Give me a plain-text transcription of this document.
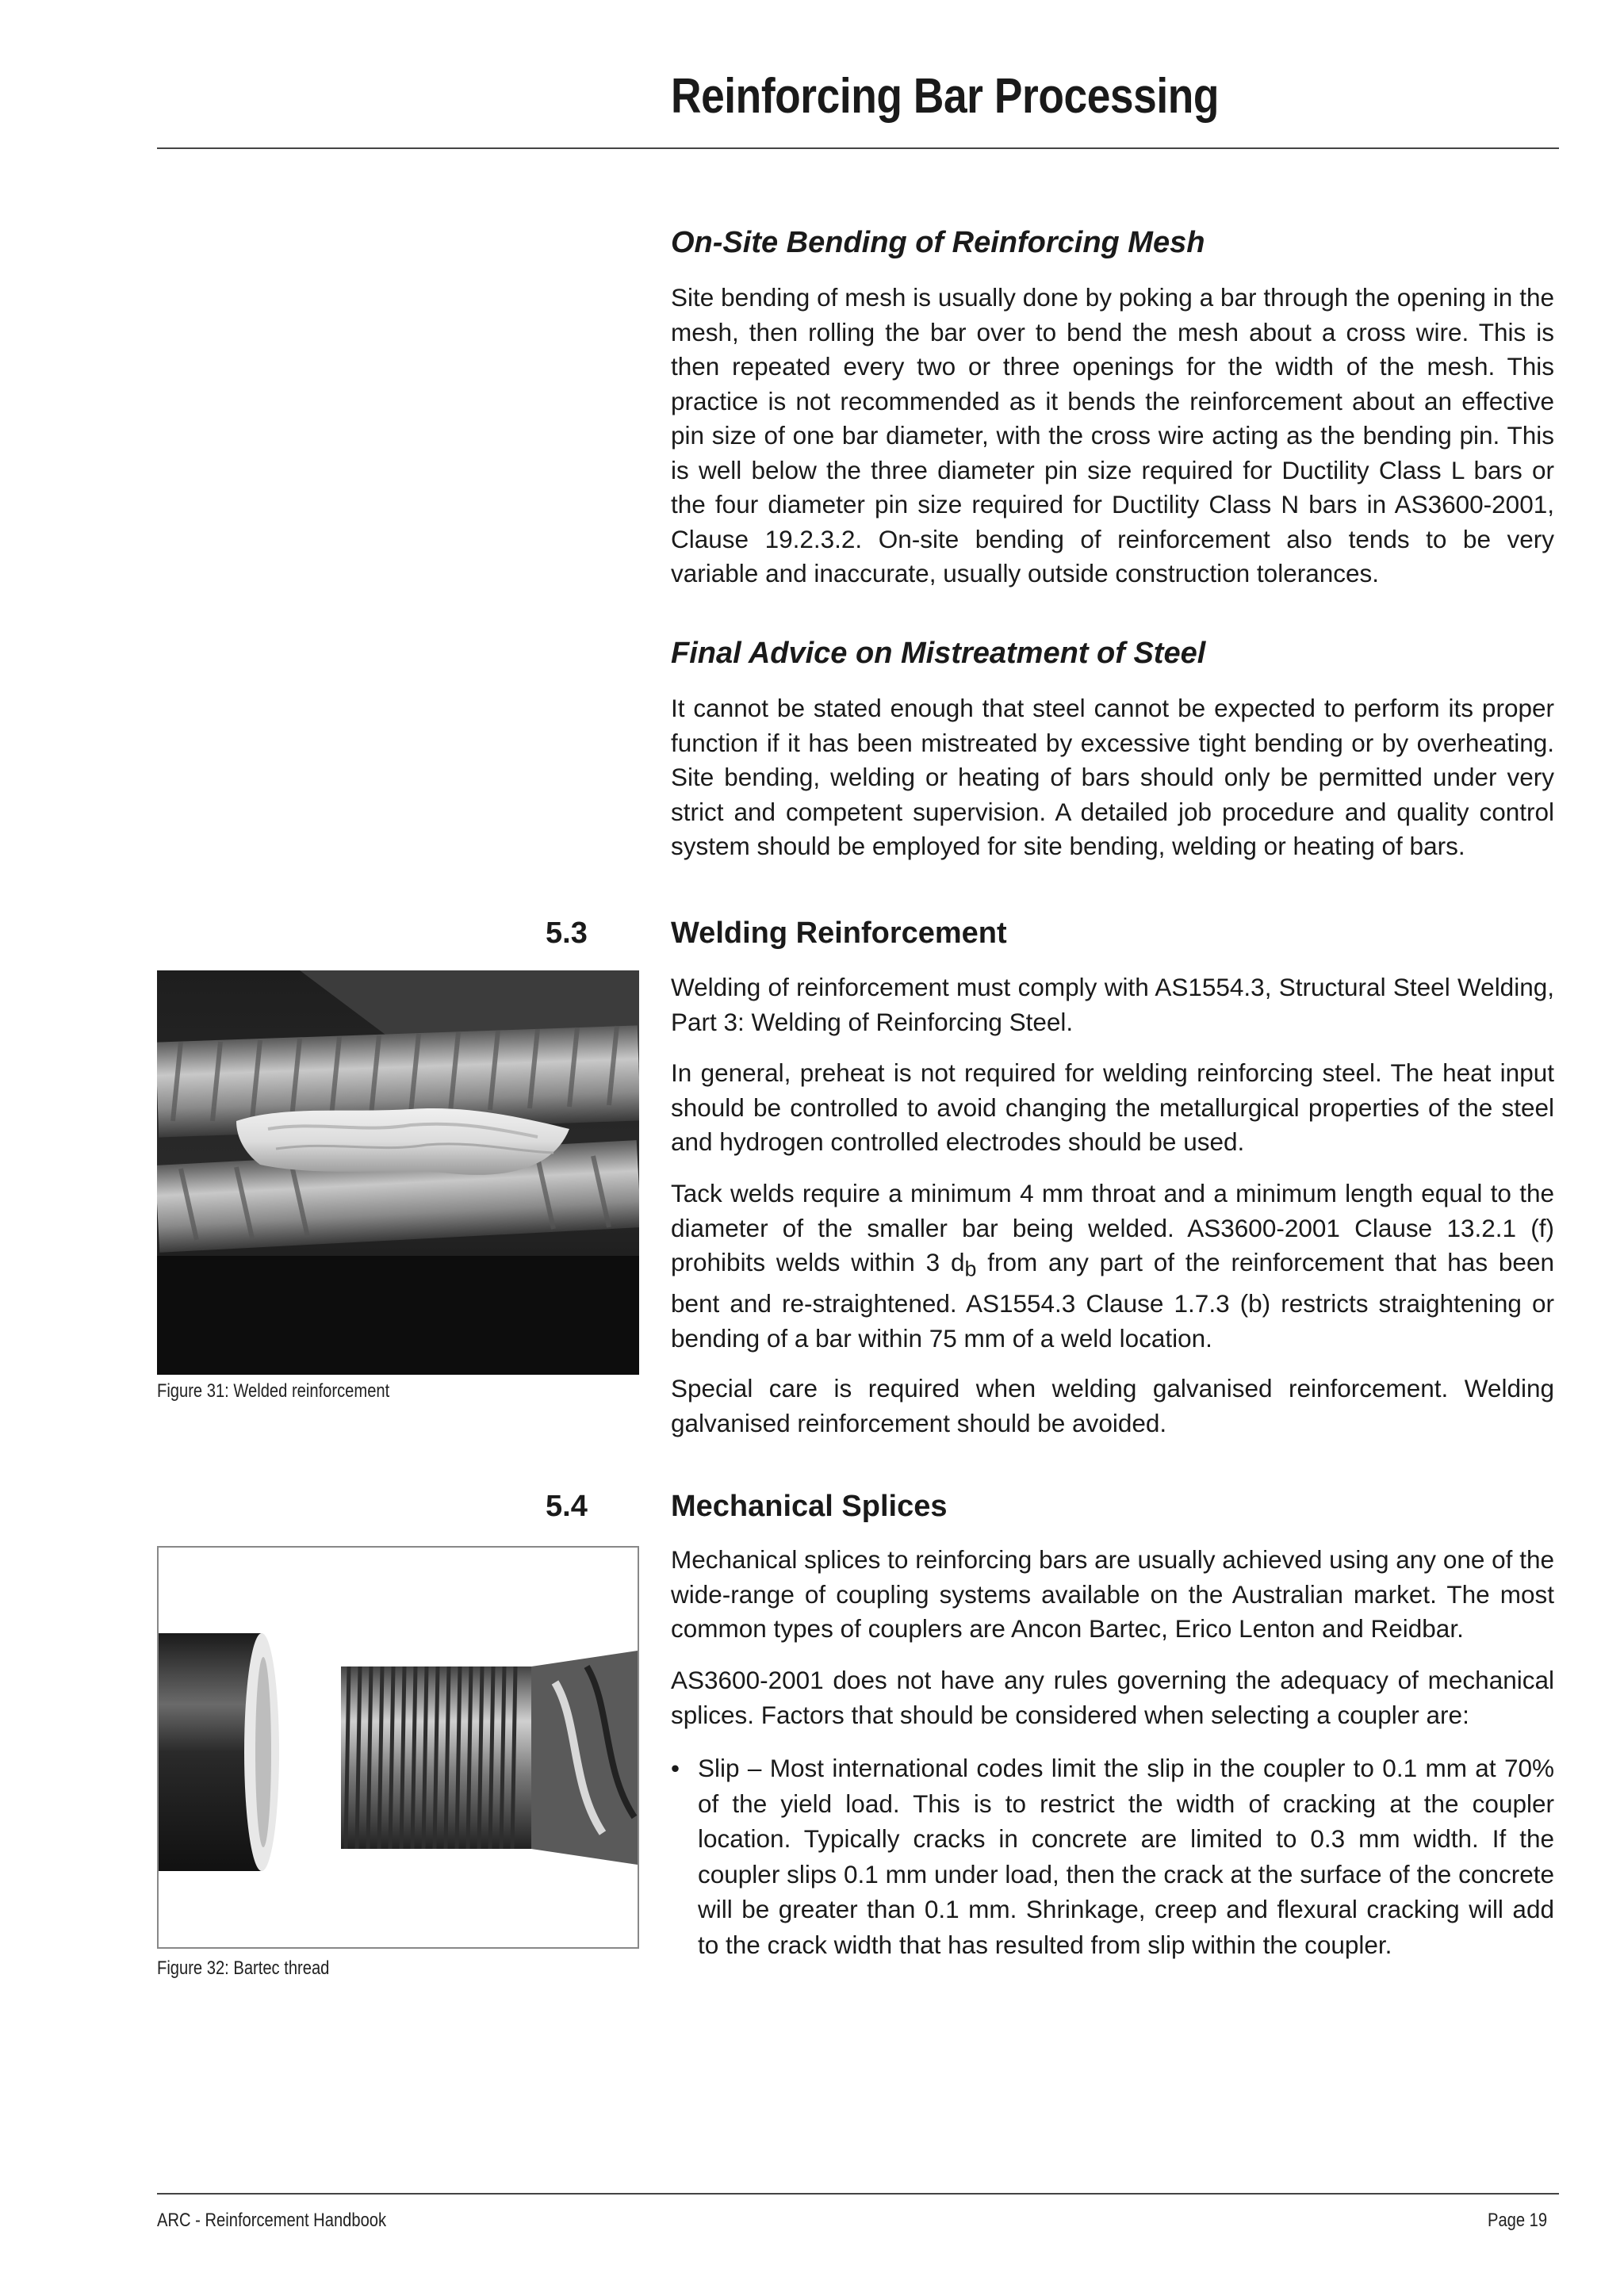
Reinforcing Bar Processing
On-Site Bending of Reinforcing Mesh

Site bending of mesh is usually done by poking a bar through the opening in the mesh, then rolling the bar over to bend the mesh about a cross wire. This is then repeated every two or three openings for the width of the mesh. This practice is not recommended as it bends the reinforcement about an effective pin size of one bar diameter, with the cross wire acting as the bending pin. This is well below the three diameter pin size required for Ductility Class L bars or the four diameter pin size required for Ductility Class N bars in AS3600-2001, Clause 19.2.3.2. On-site bending of reinforcement also tends to be very variable and inaccurate, usually outside construction tolerances.

Final Advice on Mistreatment of Steel

It cannot be stated enough that steel cannot be expected to perform its proper function if it has been mistreated by excessive tight bending or by overheating. Site bending, welding or heating of bars should only be permitted under very strict and competent supervision. A detailed job procedure and quality control system should be employed for site bending, welding or heating of bars.

5.3	Welding Reinforcement
Figure 31: Welded reinforcement

Welding of reinforcement must comply with AS1554.3, Structural Steel Welding, Part 3: Welding of Reinforcing Steel.

In general, preheat is not required for welding reinforcing steel. The heat input should be controlled to avoid changing the metallurgical properties of the steel and hydrogen controlled electrodes should be used.

Tack welds require a minimum 4 mm throat and a minimum length equal to the diameter of the smaller bar being welded. AS3600-2001 Clause 13.2.1 (f) prohibits welds within 3 $d_b$ from any part of the reinforcement that has been bent and re-straightened. AS1554.3 Clause 1.7.3 (b) restricts straightening or bending of a bar within 75 mm of a weld location.

Special care is required when welding galvanised reinforcement. Welding galvanised reinforcement should be avoided.

5.4	Mechanical Splices
Figure 32: Bartec thread

Mechanical splices to reinforcing bars are usually achieved using any one of the wide-range of coupling systems available on the Australian market. The most common types of couplers are Ancon Bartec, Erico Lenton and Reidbar.

AS3600-2001 does not have any rules governing the adequacy of mechanical splices. Factors that should be considered when selecting a coupler are:

• Slip – Most international codes limit the slip in the coupler to 0.1 mm at 70% of the yield load. This is to restrict the width of cracking at the coupler location. Typically cracks in concrete are limited to 0.3 mm width. If the coupler slips 0.1 mm under load, then the crack at the surface of the concrete will be greater than 0.1 mm. Shrinkage, creep and flexural cracking will add to the crack width that has resulted from slip within the coupler.
ARC - Reinforcement Handbook	Page 19
